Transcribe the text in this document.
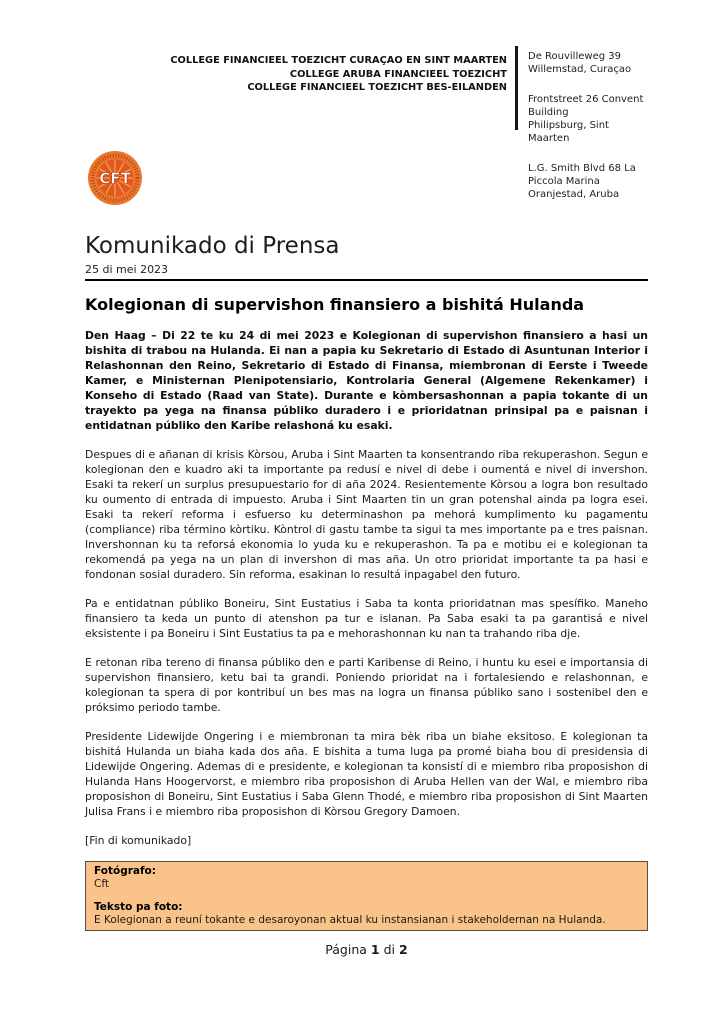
COLLEGE FINANCIEEL TOEZICHT CURAÇAO EN SINT MAARTEN
COLLEGE ARUBA FINANCIEEL TOEZICHT
COLLEGE FINANCIEEL TOEZICHT BES-EILANDEN
De Rouvilleweg 39
Willemstad, Curaçao
Frontstreet 26 Convent Building
Philipsburg, Sint Maarten
L.G. Smith Blvd 68 La Piccola Marina
Oranjestad, Aruba
CFT
Komunikado di Prensa
25 di mei 2023
Kolegionan di supervishon finansiero a bishitá Hulanda

Den Haag – Di 22 te ku 24 di mei 2023 e Kolegionan di supervishon finansiero a hasi un bishita di trabou na Hulanda. Ei nan a papia ku Sekretario di Estado di Asuntunan Interior i Relashonnan den Reino, Sekretario di Estado di Finansa, miembronan di Eerste i Tweede Kamer, e Ministernan Plenipotensiario, Kontrolaria General (Algemene Rekenkamer) i Konseho di Estado (Raad van State). Durante e kòmbersashonnan a papia tokante di un trayekto pa yega na finansa públiko duradero i e prioridatnan prinsipal pa e paisnan i entidatnan públiko den Karibe relashoná ku esaki.

Despues di e añanan di krisis Kòrsou, Aruba i Sint Maarten ta konsentrando riba rekuperashon. Segun e kolegionan den e kuadro aki ta importante pa redusí e nivel di debe i oumentá e nivel di invershon. Esaki ta rekerí un surplus presupuestario for di aña 2024. Resientemente Kòrsou a logra bon resultado ku oumento di entrada di impuesto. Aruba i Sint Maarten tin un gran potenshal ainda pa logra esei. Esaki ta rekerí reforma i esfuerso ku determinashon pa mehorá kumplimento ku pagamentu (compliance) riba término kòrtiku. Kòntrol di gastu tambe ta sigui ta mes importante pa e tres paisnan. Invershonnan ku ta reforsá ekonomia lo yuda ku e rekuperashon. Ta pa e motibu ei e kolegionan ta rekomendá pa yega na un plan di invershon di mas aña. Un otro prioridat importante ta pa hasi e fondonan sosial duradero. Sin reforma, esakinan lo resultá inpagabel den futuro.

Pa e entidatnan públiko Boneiru, Sint Eustatius i Saba ta konta prioridatnan mas spesífiko. Maneho finansiero ta keda un punto di atenshon pa tur e islanan. Pa Saba esaki ta pa garantisá e nivel eksistente i pa Boneiru i Sint Eustatius ta pa e mehorashonnan ku nan ta trahando riba dje.

E retonan riba tereno di finansa públiko den e parti Karibense di Reino, i huntu ku esei e importansia di supervishon finansiero, ketu bai ta grandi. Poniendo prioridat na i fortalesiendo e relashonnan, e kolegionan ta spera di por kontribuí un bes mas na logra un finansa públiko sano i sostenibel den e próksimo periodo tambe.

Presidente Lidewijde Ongering i e miembronan ta mira bèk riba un biahe eksitoso. E kolegionan ta bishitá Hulanda un biaha kada dos aña. E bishita a tuma luga pa promé biaha bou di presidensia di Lidewijde Ongering. Ademas di e presidente, e kolegionan ta konsistí di e miembro riba proposishon di Hulanda Hans Hoogervorst, e miembro riba proposishon di Aruba Hellen van der Wal, e miembro riba proposishon di Boneiru, Sint Eustatius i Saba Glenn Thodé, e miembro riba proposishon di Sint Maarten Julisa Frans i e miembro riba proposishon di Kòrsou Gregory Damoen.

[Fin di komunikado]

Fotógrafo:
Cft
Teksto pa foto:
E Kolegionan a reuní tokante e desaroyonan aktual ku instansianan i stakeholdernan na Hulanda.
Página 1 di 2
